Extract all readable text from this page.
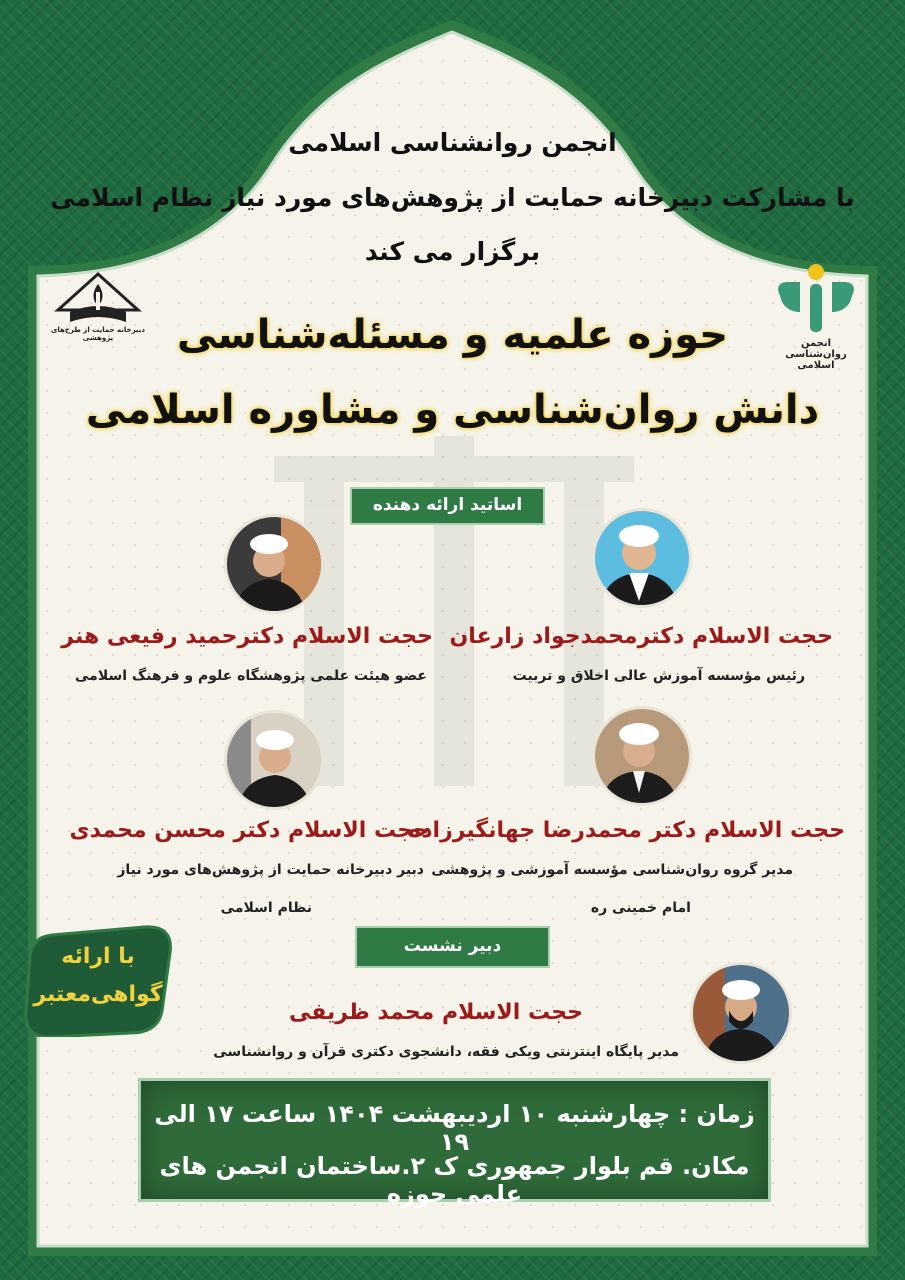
انجمن روانشناسی اسلامی
با مشارکت دبیرخانه حمایت از پژوهش‌های مورد نیاز نظام اسلامی
برگزار می کند
دبیرخانه حمایت از طرح‌های پژوهشی	انجمن روان‌شناسی اسلامی
حوزه علمیه و مسئله‌شناسی
دانش روان‌شناسی و مشاوره اسلامی
اساتید ارائه دهنده
حجت الاسلام دکترمحمدجواد زارعان
رئیس مؤسسه آموزش عالی اخلاق و تربیت
حجت الاسلام دکترحمید رفیعی هنر
عضو هیئت علمی پژوهشگاه علوم و فرهنگ اسلامی
حجت الاسلام دکتر محمدرضا جهانگیرزاده
مدیر گروه روان‌شناسی مؤسسه آموزشی و پژوهشی
امام خمینی ره
حجت الاسلام دکتر محسن محمدی
دبیر دبیرخانه حمایت از پژوهش‌های مورد نیاز
نظام اسلامی
دبیر نشست
حجت الاسلام محمد ظریفی
مدیر پایگاه اینترنتی ویکی فقه، دانشجوی دکتری قرآن و روانشناسی
با ارائه
گواهی‌معتبر
زمان : چهارشنبه ۱۰ اردیبهشت ۱۴۰۴ ساعت ۱۷ الی ۱۹
مکان. قم بلوار جمهوری ک ۲.ساختمان انجمن های علمی حوزه
